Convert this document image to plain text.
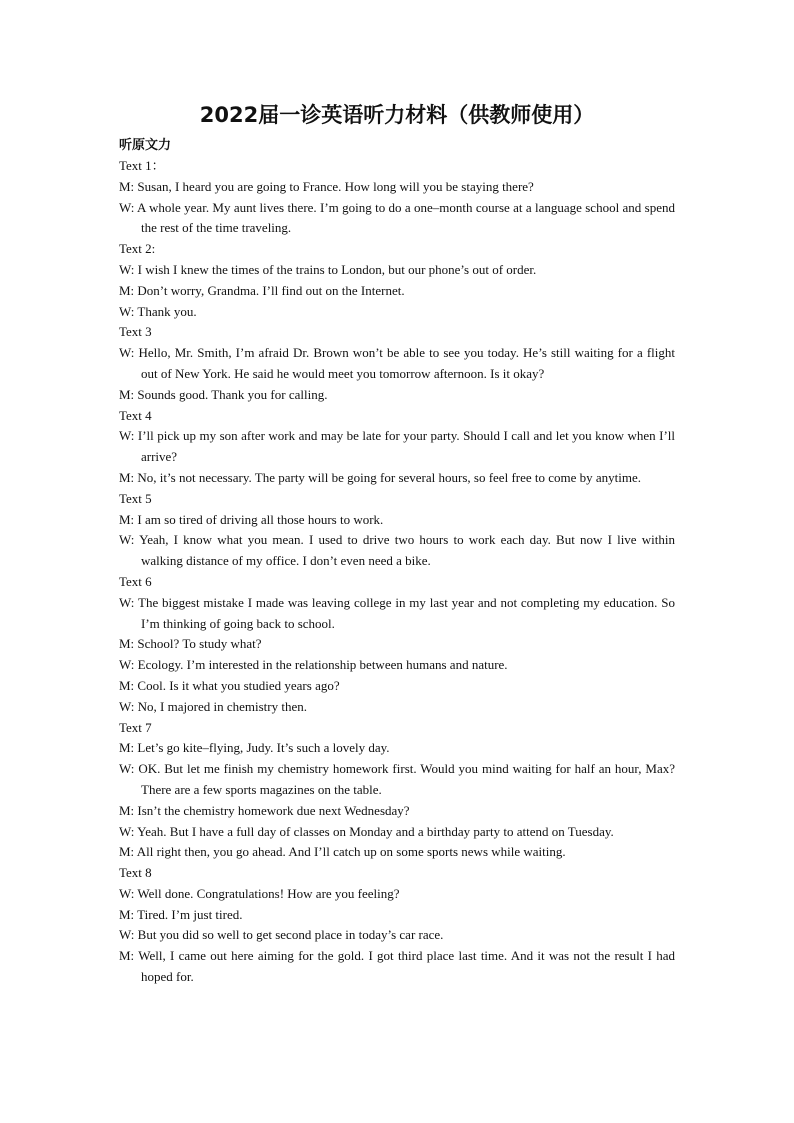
2022届一诊英语听力材料（供教师使用）

听原文力

Text 1：

M: Susan, I heard you are going to France. How long will you be staying there?

W: A whole year. My aunt lives there. I’m going to do a one–month course at a language school and spend the rest of the time traveling.

Text 2:

W: I wish I knew the times of the trains to London, but our phone’s out of order.

M: Don’t worry, Grandma. I’ll find out on the Internet.

W: Thank you.

Text 3

W: Hello, Mr. Smith, I’m afraid Dr. Brown won’t be able to see you today. He’s still waiting for a flight out of New York. He said he would meet you tomorrow afternoon. Is it okay?

M: Sounds good. Thank you for calling.

Text 4

W: I’ll pick up my son after work and may be late for your party. Should I call and let you know when I’ll arrive?

M: No, it’s not necessary. The party will be going for several hours, so feel free to come by anytime.

Text 5

M: I am so tired of driving all those hours to work.

W: Yeah, I know what you mean. I used to drive two hours to work each day. But now I live within walking distance of my office. I don’t even need a bike.

Text 6

W: The biggest mistake I made was leaving college in my last year and not completing my education. So I’m thinking of going back to school.

M: School? To study what?

W: Ecology. I’m interested in the relationship between humans and nature.

M: Cool. Is it what you studied years ago?

W: No, I majored in chemistry then.

Text 7

M: Let’s go kite–flying, Judy. It’s such a lovely day.

W: OK. But let me finish my chemistry homework first. Would you mind waiting for half an hour, Max? There are a few sports magazines on the table.

M: Isn’t the chemistry homework due next Wednesday?

W: Yeah. But I have a full day of classes on Monday and a birthday party to attend on Tuesday.

M: All right then, you go ahead. And I’ll catch up on some sports news while waiting.

Text 8

W: Well done. Congratulations! How are you feeling?

M: Tired. I’m just tired.

W: But you did so well to get second place in today’s car race.

M: Well, I came out here aiming for the gold. I got third place last time. And it was not the result I had hoped for.
